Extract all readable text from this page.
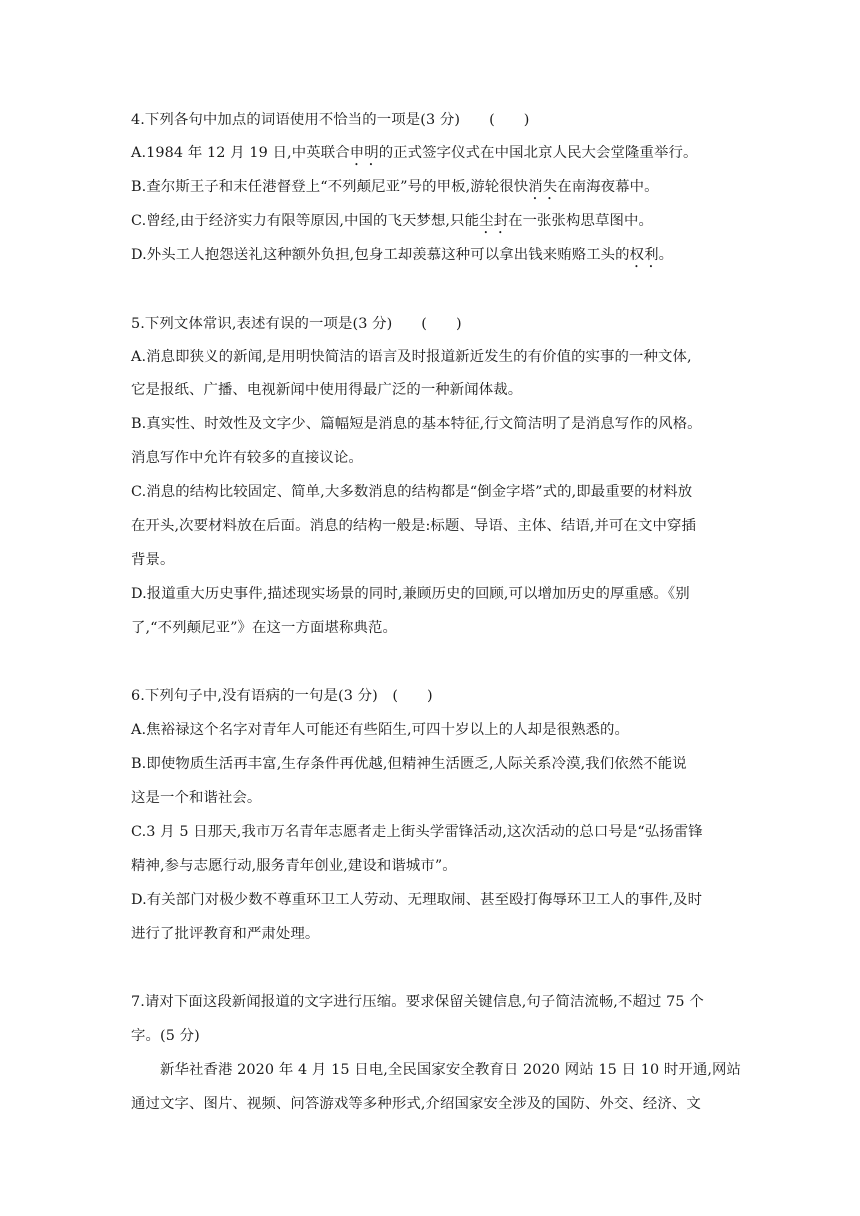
4.下列各句中加点的词语使用不恰当的一项是(3 分)　　(　　)
A.1984 年 12 月 19 日,中英联合申明的正式签字仪式在中国北京人民大会堂隆重举行。
B.查尔斯王子和末任港督登上“不列颠尼亚”号的甲板,游轮很快消失在南海夜幕中。
C.曾经,由于经济实力有限等原因,中国的飞天梦想,只能尘封在一张张构思草图中。
D.外头工人抱怨送礼这种额外负担,包身工却羡慕这种可以拿出钱来贿赂工头的权利。
5.下列文体常识,表述有误的一项是(3 分)　　(　　)
A.消息即狭义的新闻,是用明快简洁的语言及时报道新近发生的有价值的实事的一种文体,
它是报纸、广播、电视新闻中使用得最广泛的一种新闻体裁。
B.真实性、时效性及文字少、篇幅短是消息的基本特征,行文简洁明了是消息写作的风格。
消息写作中允许有较多的直接议论。
C.消息的结构比较固定、简单,大多数消息的结构都是“倒金字塔”式的,即最重要的材料放
在开头,次要材料放在后面。消息的结构一般是:标题、导语、主体、结语,并可在文中穿插
背景。
D.报道重大历史事件,描述现实场景的同时,兼顾历史的回顾,可以增加历史的厚重感。《别
了,“不列颠尼亚”》在这一方面堪称典范。
6.下列句子中,没有语病的一句是(3 分)　(　　)
A.焦裕禄这个名字对青年人可能还有些陌生,可四十岁以上的人却是很熟悉的。
B.即使物质生活再丰富,生存条件再优越,但精神生活匮乏,人际关系冷漠,我们依然不能说
这是一个和谐社会。
C.3 月 5 日那天,我市万名青年志愿者走上街头学雷锋活动,这次活动的总口号是“弘扬雷锋
精神,参与志愿行动,服务青年创业,建设和谐城市”。
D.有关部门对极少数不尊重环卫工人劳动、无理取闹、甚至殴打侮辱环卫工人的事件,及时
进行了批评教育和严肃处理。
7.请对下面这段新闻报道的文字进行压缩。要求保留关键信息,句子简洁流畅,不超过 75 个
字。(5 分)
新华社香港 2020 年 4 月 15 日电,全民国家安全教育日 2020 网站 15 日 10 时开通,网站
通过文字、图片、视频、问答游戏等多种形式,介绍国家安全涉及的国防、外交、经济、文
